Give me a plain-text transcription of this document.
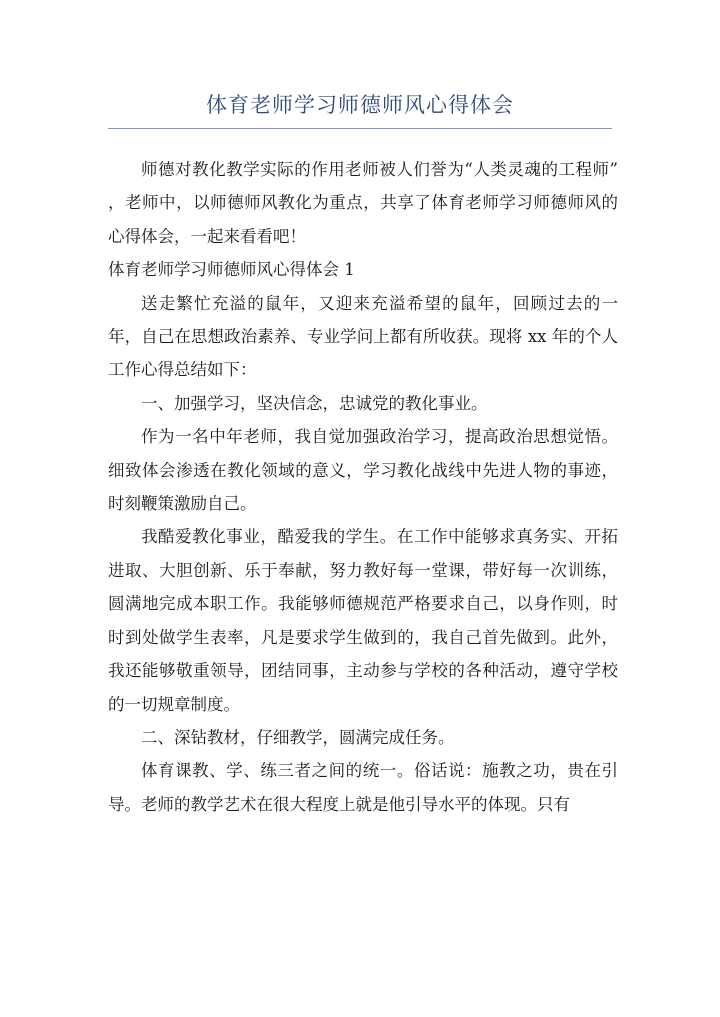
体育老师学习师德师风心得体会

师德对教化教学实际的作用老师被人们誉为“人类灵魂的工程师” ，老师中，以师德师风教化为重点，共享了体育老师学习师德师风的心得体会，一起来看看吧！

体育老师学习师德师风心得体会 1

送走繁忙充溢的鼠年，又迎来充溢希望的鼠年，回顾过去的一年，自己在思想政治素养、专业学问上都有所收获。现将 xx 年的个人工作心得总结如下：

一、加强学习，坚决信念，忠诚党的教化事业。

作为一名中年老师，我自觉加强政治学习，提高政治思想觉悟。细致体会渗透在教化领域的意义，学习教化战线中先进人物的事迹，时刻鞭策激励自己。

我酷爱教化事业，酷爱我的学生。在工作中能够求真务实、开拓进取、大胆创新、乐于奉献，努力教好每一堂课，带好每一次训练，圆满地完成本职工作。我能够师德规范严格要求自己，以身作则，时时到处做学生表率，凡是要求学生做到的，我自己首先做到。此外，我还能够敬重领导，团结同事，主动参与学校的各种活动，遵守学校的一切规章制度。

二、深钻教材，仔细教学，圆满完成任务。

体育课教、学、练三者之间的统一。俗话说：施教之功，贵在引导。老师的教学艺术在很大程度上就是他引导水平的体现。只有
